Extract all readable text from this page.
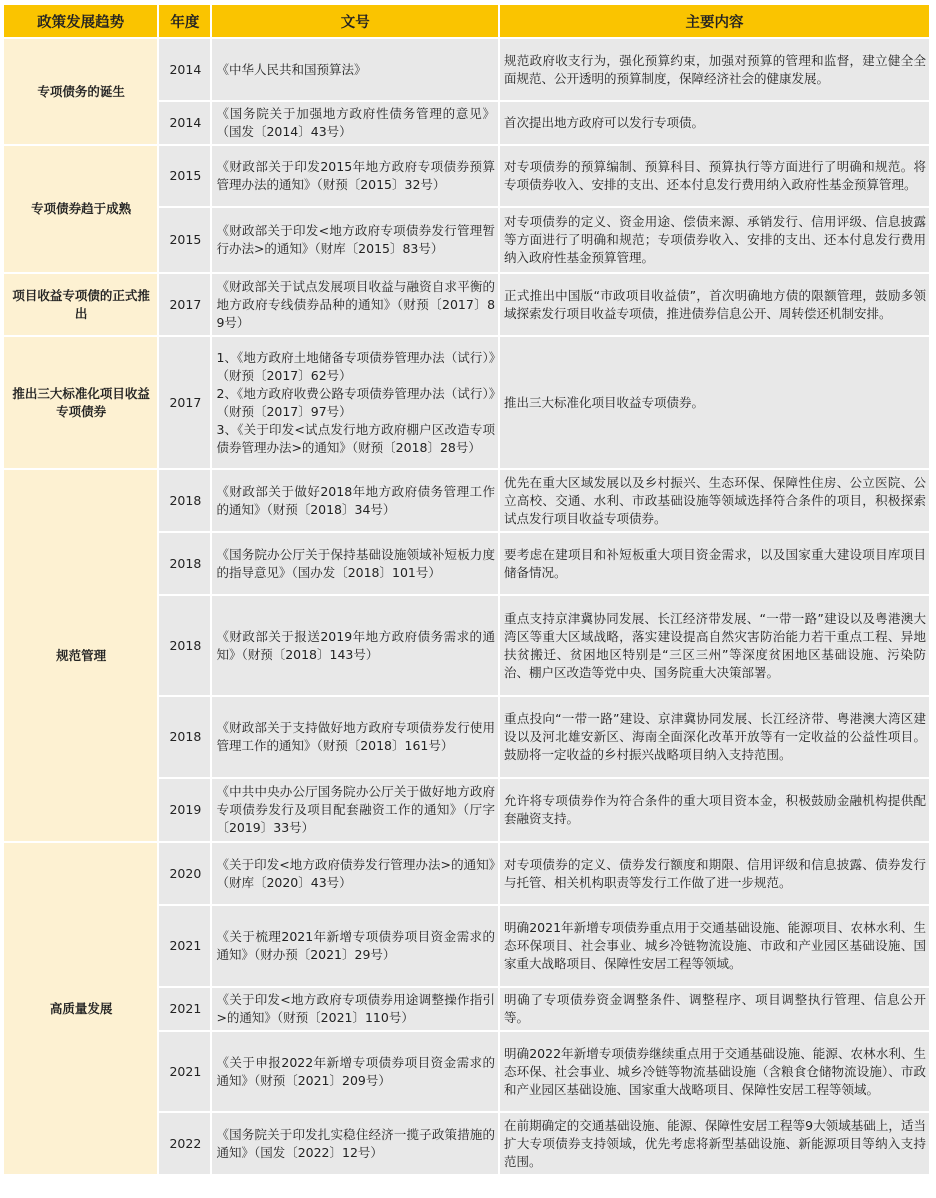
政策发展趋势	年度	文号	主要内容
专项债务的诞生	2014	《中华人民共和国预算法》	规范政府收支行为，强化预算约束，加强对预算的管理和监督，建立健全全面规范、公开透明的预算制度，保障经济社会的健康发展。

	2014	《国务院关于加强地方政府性债务管理的意见》（国发〔2014〕43号）	首次提出地方政府可以发行专项债。

专项债券趋于成熟	2015	《财政部关于印发2015年地方政府专项债券预算管理办法的通知》（财预〔2015〕32号）	对专项债券的预算编制、预算科目、预算执行等方面进行了明确和规范。将专项债券收入、安排的支出、还本付息发行费用纳入政府性基金预算管理。

	2015	《财政部关于印发<地方政府专项债券发行管理暂行办法>的通知》（财库〔2015〕83号）	对专项债券的定义、资金用途、偿债来源、承销发行、信用评级、信息披露等方面进行了明确和规范；专项债券收入、安排的支出、还本付息发行费用纳入政府性基金预算管理。

项目收益专项债的正式推出	2017	《财政部关于试点发展项目收益与融资自求平衡的地方政府专线债券品种的通知》（财预〔2017〕89号）	正式推出中国版“市政项目收益债”，首次明确地方债的限额管理，鼓励多领域探索发行项目收益专项债，推进债券信息公开、周转偿还机制安排。

推出三大标准化项目收益专项债券	2017	1、《地方政府土地储备专项债券管理办法（试行）》（财预〔2017〕62号）
2、《地方政府收费公路专项债券管理办法（试行）》（财预〔2017〕97号）
3、《关于印发<试点发行地方政府棚户区改造专项债券管理办法>的通知》（财预〔2018〕28号）	推出三大标准化项目收益专项债券。

规范管理	2018	《财政部关于做好2018年地方政府债务管理工作的通知》（财预〔2018〕34号）	优先在重大区域发展以及乡村振兴、生态环保、保障性住房、公立医院、公立高校、交通、水利、市政基础设施等领域选择符合条件的项目，积极探索试点发行项目收益专项债券。

	2018	《国务院办公厅关于保持基础设施领域补短板力度的指导意见》（国办发〔2018〕101号）	要考虑在建项目和补短板重大项目资金需求，以及国家重大建设项目库项目储备情况。

	2018	《财政部关于报送2019年地方政府债务需求的通知》（财预〔2018〕143号）	重点支持京津冀协同发展、长江经济带发展、“一带一路”建设以及粤港澳大湾区等重大区域战略，落实建设提高自然灾害防治能力若干重点工程、异地扶贫搬迁、贫困地区特别是“三区三州”等深度贫困地区基础设施、污染防治、棚户区改造等党中央、国务院重大决策部署。

	2018	《财政部关于支持做好地方政府专项债券发行使用管理工作的通知》（财预〔2018〕161号）	重点投向“一带一路”建设、京津冀协同发展、长江经济带、粤港澳大湾区建设以及河北雄安新区、海南全面深化改革开放等有一定收益的公益性项目。鼓励将一定收益的乡村振兴战略项目纳入支持范围。

	2019	《中共中央办公厅国务院办公厅关于做好地方政府专项债券发行及项目配套融资工作的通知》（厅字〔2019〕33号）	允许将专项债券作为符合条件的重大项目资本金，积极鼓励金融机构提供配套融资支持。

高质量发展	2020	《关于印发<地方政府债券发行管理办法>的通知》（财库〔2020〕43号）	对专项债券的定义、债券发行额度和期限、信用评级和信息披露、债券发行与托管、相关机构职责等发行工作做了进一步规范。

	2021	《关于梳理2021年新增专项债券项目资金需求的通知》（财办预〔2021〕29号）	明确2021年新增专项债券重点用于交通基础设施、能源项目、农林水利、生态环保项目、社会事业、城乡冷链物流设施、市政和产业园区基础设施、国家重大战略项目、保障性安居工程等领域。

	2021	《关于印发<地方政府专项债券用途调整操作指引>的通知》（财预〔2021〕110号）	明确了专项债券资金调整条件、调整程序、项目调整执行管理、信息公开等。

	2021	《关于申报2022年新增专项债券项目资金需求的通知》（财预〔2021〕209号）	明确2022年新增专项债券继续重点用于交通基础设施、能源、农林水利、生态环保、社会事业、城乡冷链等物流基础设施（含粮食仓储物流设施）、市政和产业园区基础设施、国家重大战略项目、保障性安居工程等领域。

	2022	《国务院关于印发扎实稳住经济一揽子政策措施的通知》（国发〔2022〕12号）	在前期确定的交通基础设施、能源、保障性安居工程等9大领域基础上，适当扩大专项债券支持领域，优先考虑将新型基础设施、新能源项目等纳入支持范围。
